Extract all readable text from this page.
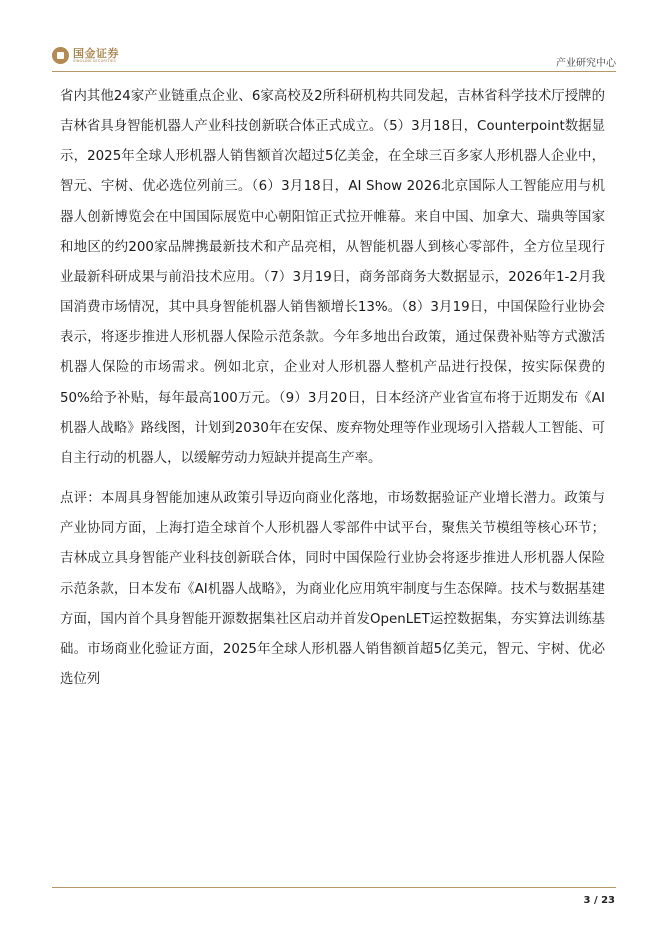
国金证券
SINOLINK SECURITIES	产业研究中心

省内其他24家产业链重点企业、6家高校及2所科研机构共同发起，吉林省科学技术厅授牌的吉林省具身智能机器人产业科技创新联合体正式成立。（5）3月18日，Counterpoint数据显示，2025年全球人形机器人销售额首次超过5亿美金，在全球三百多家人形机器人企业中，智元、宇树、优必选位列前三。（6）3月18日，AI Show 2026北京国际人工智能应用与机器人创新博览会在中国国际展览中心朝阳馆正式拉开帷幕。来自中国、加拿大、瑞典等国家和地区的约200家品牌携最新技术和产品亮相，从智能机器人到核心零部件，全方位呈现行业最新科研成果与前沿技术应用。（7）3月19日，商务部商务大数据显示，2026年1-2月我国消费市场情况，其中具身智能机器人销售额增长13%。（8）3月19日，中国保险行业协会表示，将逐步推进人形机器人保险示范条款。今年多地出台政策，通过保费补贴等方式激活机器人保险的市场需求。例如北京，企业对人形机器人整机产品进行投保，按实际保费的50%给予补贴，每年最高100万元。（9）3月20日，日本经济产业省宣布将于近期发布《AI机器人战略》路线图，计划到2030年在安保、废弃物处理等作业现场引入搭载人工智能、可自主行动的机器人，以缓解劳动力短缺并提高生产率。

点评：本周具身智能加速从政策引导迈向商业化落地，市场数据验证产业增长潜力。政策与产业协同方面，上海打造全球首个人形机器人零部件中试平台，聚焦关节模组等核心环节；吉林成立具身智能产业科技创新联合体，同时中国保险行业协会将逐步推进人形机器人保险示范条款，日本发布《AI机器人战略》，为商业化应用筑牢制度与生态保障。技术与数据基建方面，国内首个具身智能开源数据集社区启动并首发OpenLET运控数据集，夯实算法训练基础。市场商业化验证方面，2025年全球人形机器人销售额首超5亿美元，智元、宇树、优必选位列

3 / 23
